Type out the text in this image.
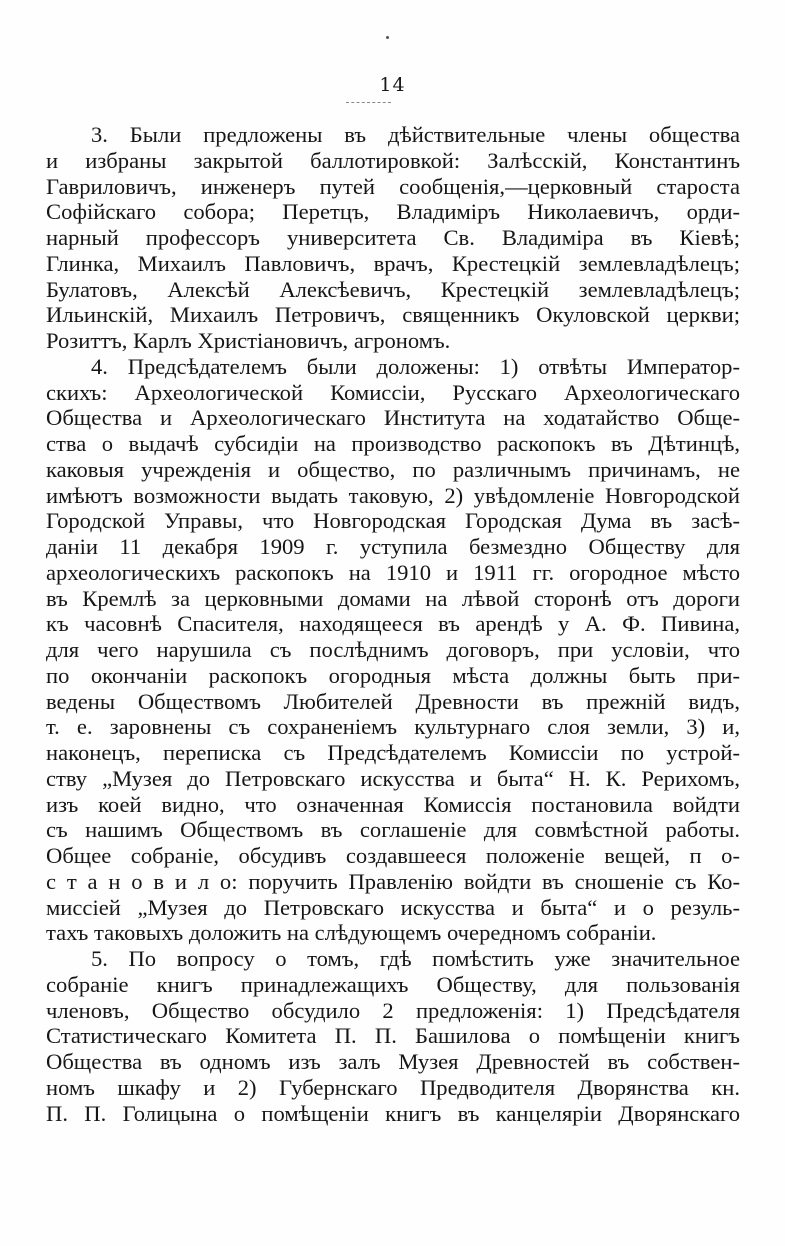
14
3. Были предложены въ дѣйствительные члены общества
и избраны закрытой баллотировкой: Залѣсскій, Константинъ
Гавриловичъ, инженеръ путей сообщенія,—церковный староста
Софійскаго собора; Перетцъ, Владиміръ Николаевичъ, орди-
нарный профессоръ университета Св. Владиміра въ Кіевѣ;
Глинка, Михаилъ Павловичъ, врачъ, Крестецкій землевладѣлецъ;
Булатовъ, Алексѣй Алексѣевичъ, Крестецкій землевладѣлецъ;
Ильинскій, Михаилъ Петровичъ, священникъ Окуловской церкви;
Розиттъ, Карлъ Христіановичъ, агрономъ.
4. Предсѣдателемъ были доложены: 1) отвѣты Император-
скихъ: Археологической Комиссіи, Русскаго Археологическаго
Общества и Археологическаго Института на ходатайство Обще-
ства о выдачѣ субсидіи на производство раскопокъ въ Дѣтинцѣ,
каковыя учрежденія и общество, по различнымъ причинамъ, не
имѣютъ возможности выдать таковую, 2) увѣдомленіе Новгородской
Городской Управы, что Новгородская Городская Дума въ засѣ-
даніи 11 декабря 1909 г. уступила безмездно Обществу для
археологическихъ раскопокъ на 1910 и 1911 гг. огородное мѣсто
въ Кремлѣ за церковными домами на лѣвой сторонѣ отъ дороги
къ часовнѣ Спасителя, находящееся въ арендѣ у А. Ф. Пивина,
для чего нарушила съ послѣднимъ договоръ, при условіи, что
по окончаніи раскопокъ огородныя мѣста должны быть при-
ведены Обществомъ Любителей Древности въ прежній видъ,
т. е. заровнены съ сохраненіемъ культурнаго слоя земли, 3) и,
наконецъ, переписка съ Предсѣдателемъ Комиссіи по устрой-
ству „Музея до Петровскаго искусства и быта“ Н. К. Рерихомъ,
изъ коей видно, что означенная Комиссія постановила войдти
съ нашимъ Обществомъ въ соглашеніе для совмѣстной работы.
Общее собраніе, обсудивъ создавшееся положеніе вещей, п о-
с т а н о в и л о: поручить Правленію войдти въ сношеніе съ Ко-
миссіей „Музея до Петровскаго искусства и быта“ и о резуль-
тахъ таковыхъ доложить на слѣдующемъ очередномъ собраніи.
5. По вопросу о томъ, гдѣ помѣстить уже значительное
собраніе книгъ принадлежащихъ Обществу, для пользованія
членовъ, Общество обсудило 2 предложенія: 1) Предсѣдателя
Статистическаго Комитета П. П. Башилова о помѣщеніи книгъ
Общества въ одномъ изъ залъ Музея Древностей въ собствен-
номъ шкафу и 2) Губернскаго Предводителя Дворянства кн.
П. П. Голицына о помѣщеніи книгъ въ канцеляріи Дворянскаго
